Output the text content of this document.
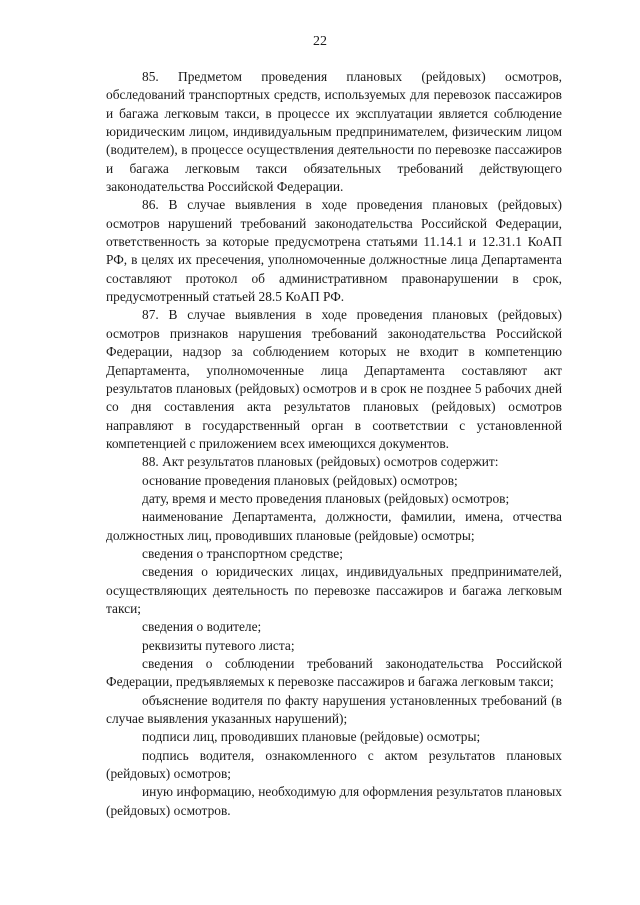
22

85. Предметом проведения плановых (рейдовых) осмотров, обследований транспортных средств, используемых для перевозок пассажиров и багажа легковым такси, в процессе их эксплуатации является соблюдение юридическим лицом, индивидуальным предпринимателем, физическим лицом (водителем), в процессе осуществления деятельности по перевозке пассажиров и багажа легковым такси обязательных требований действующего законодательства Российской Федерации.

86. В случае выявления в ходе проведения плановых (рейдовых) осмотров нарушений требований законодательства Российской Федерации, ответственность за которые предусмотрена статьями 11.14.1 и 12.31.1 КоАП РФ, в целях их пресечения, уполномоченные должностные лица Департамента составляют протокол об административном правонарушении в срок, предусмотренный статьей 28.5 КоАП РФ.

87. В случае выявления в ходе проведения плановых (рейдовых) осмотров признаков нарушения требований законодательства Российской Федерации, надзор за соблюдением которых не входит в компетенцию Департамента, уполномоченные лица Департамента составляют акт результатов плановых (рейдовых) осмотров и в срок не позднее 5 рабочих дней со дня составления акта результатов плановых (рейдовых) осмотров направляют в государственный орган в соответствии с установленной компетенцией с приложением всех имеющихся документов.

88. Акт результатов плановых (рейдовых) осмотров содержит:

основание проведения плановых (рейдовых) осмотров;

дату, время и место проведения плановых (рейдовых) осмотров;

наименование Департамента, должности, фамилии, имена, отчества должностных лиц, проводивших плановые (рейдовые) осмотры;

сведения о транспортном средстве;

сведения о юридических лицах, индивидуальных предпринимателей, осуществляющих деятельность по перевозке пассажиров и багажа легковым такси;

сведения о водителе;

реквизиты путевого листа;

сведения о соблюдении требований законодательства Российской Федерации, предъявляемых к перевозке пассажиров и багажа легковым такси;

объяснение водителя по факту нарушения установленных требований (в случае выявления указанных нарушений);

подписи лиц, проводивших плановые (рейдовые) осмотры;

подпись водителя, ознакомленного с актом результатов плановых (рейдовых) осмотров;

иную информацию, необходимую для оформления результатов плановых (рейдовых) осмотров.
